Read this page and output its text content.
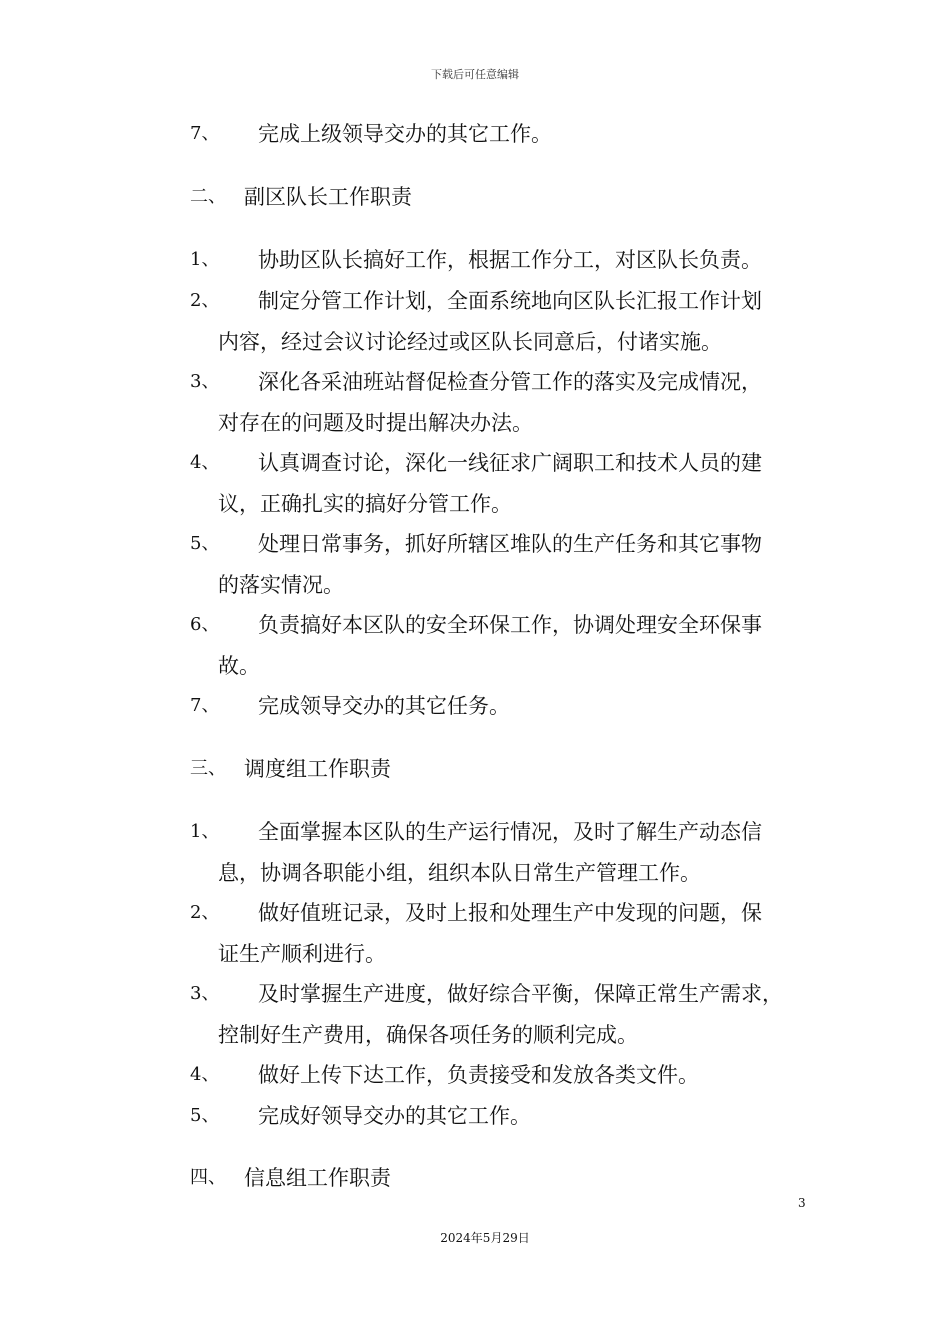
下载后可任意编辑
7、 完成上级领导交办的其它工作。
二、 副区队长工作职责
1、 协助区队长搞好工作，根据工作分工，对区队长负责。
2、 制定分管工作计划，全面系统地向区队长汇报工作计划
内容，经过会议讨论经过或区队长同意后，付诸实施。
3、 深化各采油班站督促检查分管工作的落实及完成情况，
对存在的问题及时提出解决办法。
4、 认真调查讨论，深化一线征求广阔职工和技术人员的建
议，正确扎实的搞好分管工作。
5、 处理日常事务，抓好所辖区堆队的生产任务和其它事物
的落实情况。
6、 负责搞好本区队的安全环保工作，协调处理安全环保事
故。
7、 完成领导交办的其它任务。
三、 调度组工作职责
1、 全面掌握本区队的生产运行情况，及时了解生产动态信
息，协调各职能小组，组织本队日常生产管理工作。
2、 做好值班记录，及时上报和处理生产中发现的问题，保
证生产顺利进行。
3、 及时掌握生产进度，做好综合平衡，保障正常生产需求，
控制好生产费用，确保各项任务的顺利完成。
4、 做好上传下达工作，负责接受和发放各类文件。
5、 完成好领导交办的其它工作。
四、 信息组工作职责
3
2024年5月29日
